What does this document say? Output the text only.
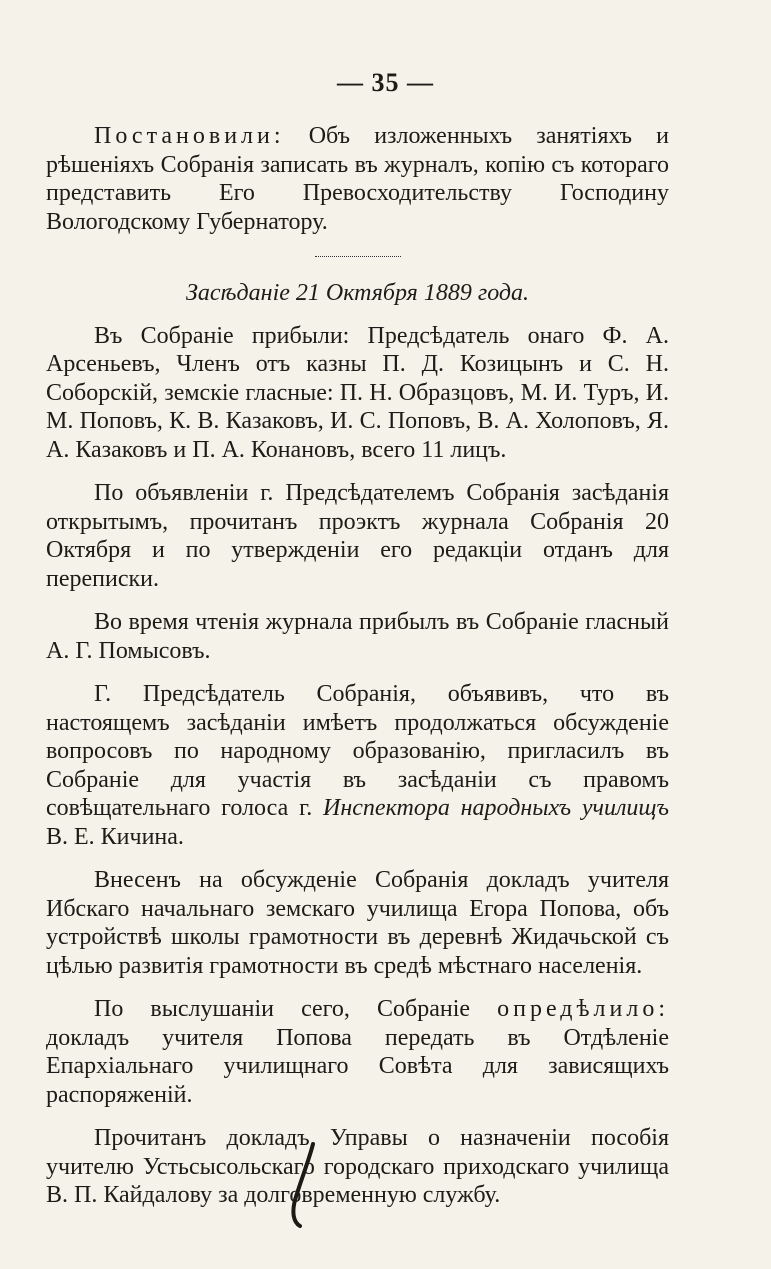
— 35 —

Постановили: Объ изложенныхъ занятіяхъ и рѣшеніяхъ Собранія записать въ журналъ, копію съ котораго представить Его Превосходительству Господину Вологодскому Губернатору.

Засѣданіе 21 Октября 1889 года.

Въ Собраніе прибыли: Предсѣдатель онаго Ф. А. Арсеньевъ, Членъ отъ казны П. Д. Козицынъ и С. Н. Соборскій, земскіе гласные: П. Н. Образцовъ, М. И. Туръ, И. М. Поповъ, К. В. Казаковъ, И. С. Поповъ, В. А. Холоповъ, Я. А. Казаковъ и П. А. Конановъ, всего 11 лицъ.

По объявленіи г. Предсѣдателемъ Собранія засѣданія открытымъ, прочитанъ проэктъ журнала Собранія 20 Октября и по утвержденіи его редакціи отданъ для переписки.

Во время чтенія журнала прибылъ въ Собраніе гласный А. Г. Помысовъ.

Г. Предсѣдатель Собранія, объявивъ, что въ настоящемъ засѣданіи имѣетъ продолжаться обсужденіе вопросовъ по народному образованію, пригласилъ въ Собраніе для участія въ засѣданіи съ правомъ совѣщательнаго голоса г. Инспектора народныхъ училищъ В. Е. Кичина.

Внесенъ на обсужденіе Собранія докладъ учителя Ибскаго начальнаго земскаго училища Егора Попова, объ устройствѣ школы грамотности въ деревнѣ Жидачьской съ цѣлью развитія грамотности въ средѣ мѣстнаго населенія.

По выслушаніи сего, Собраніе опредѣлило: докладъ учителя Попова передать въ Отдѣленіе Епархіальнаго училищнаго Совѣта для зависящихъ распоряженій.

Прочитанъ докладъ Управы о назначеніи пособія учителю Устьсысольскаго городскаго приходскаго училища В. П. Кайдалову за долговременную службу.
